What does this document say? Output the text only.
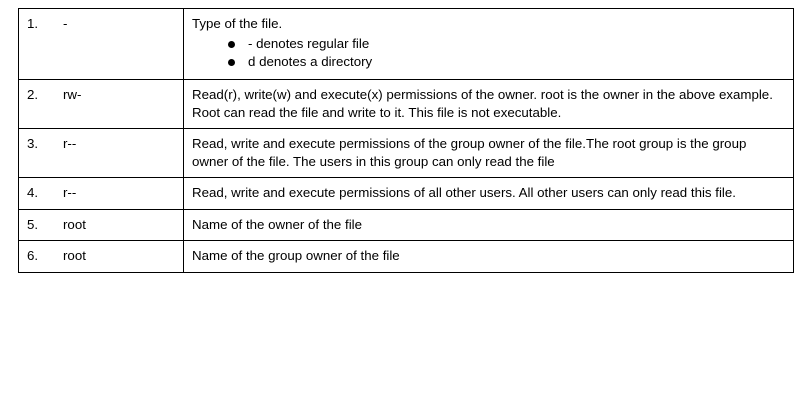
1.	-	Type of the file.
- denotes regular file
d denotes a directory

2. rw-	Read(r), write(w) and execute(x) permissions of the owner. root is the owner in the above example. Root can read the file and write to it. This file is not executable.

3. r--	Read, write and execute permissions of the group owner of the file.The root group is the group owner of the file. The users in this group can only read the file

4. r--	Read, write and execute permissions of all other users. All other users can only read this file.

5. root	Name of the owner of the file

6. root	Name of the group owner of the file
